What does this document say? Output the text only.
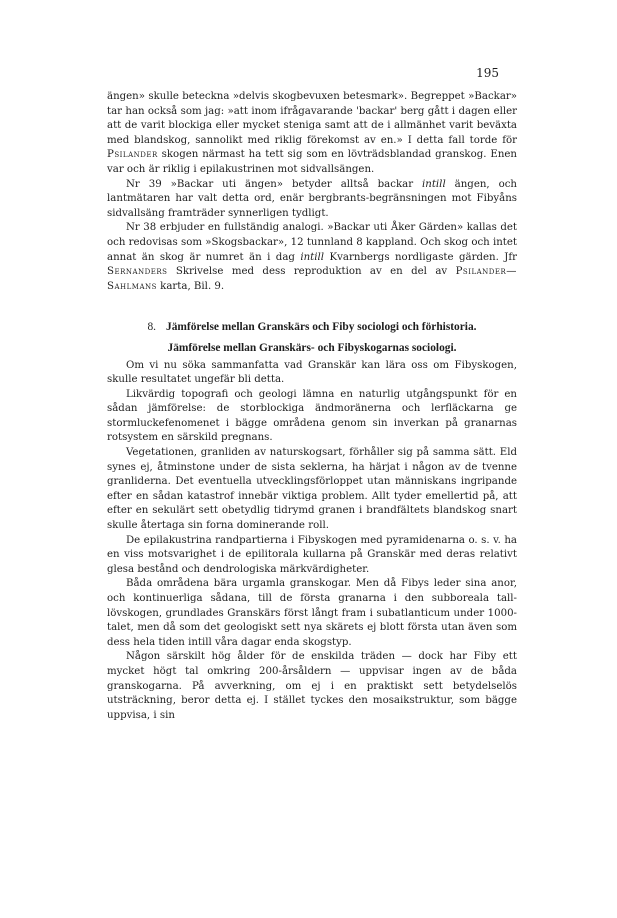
195

ängen» skulle beteckna »delvis skogbevuxen betesmark». Begreppet »Backar» tar han också som jag: »att inom ifrågavarande 'backar' berg gått i dagen eller att de varit blockiga eller mycket steniga samt att de i allmänhet varit beväxta med blandskog, sannolikt med riklig förekomst av en.» I detta fall torde för Psilander skogen närmast ha tett sig som en lövträdsblandad granskog. Enen var och är riklig i epilakustrinen mot sidvallsängen.

Nr 39 »Backar uti ängen» betyder alltså backar intill ängen, och lantmätaren har valt detta ord, enär bergbrants-begränsningen mot Fibyåns sidvallsäng framträder synnerligen tydligt.

Nr 38 erbjuder en fullständig analogi. »Backar uti Åker Gärden» kallas det och redovisas som »Skogsbackar», 12 tunnland 8 kappland. Och skog och intet annat än skog är numret än i dag intill Kvarnbergs nordligaste gärden. Jfr Sernanders Skrivelse med dess reproduktion av en del av Psilander—Sahlmans karta, Bil. 9.

8. Jämförelse mellan Granskärs och Fiby sociologi och förhistoria.
Jämförelse mellan Granskärs- och Fibyskogarnas sociologi.

Om vi nu söka sammanfatta vad Granskär kan lära oss om Fibyskogen, skulle resultatet ungefär bli detta.

Likvärdig topografi och geologi lämna en naturlig utgångspunkt för en sådan jämförelse: de storblockiga ändmoränerna och lerfläckarna ge stormluckefenomenet i bägge områdena genom sin inverkan på granarnas rotsystem en särskild pregnans.

Vegetationen, granliden av naturskogsart, förhåller sig på samma sätt. Eld synes ej, åtminstone under de sista seklerna, ha härjat i någon av de tvenne granliderna. Det eventuella utvecklingsförloppet utan människans ingripande efter en sådan katastrof innebär viktiga problem. Allt tyder emellertid på, att efter en sekulärt sett obetydlig tidrymd granen i brandfältets blandskog snart skulle återtaga sin forna dominerande roll.

De epilakustrina randpartierna i Fibyskogen med pyramidenarna o. s. v. ha en viss motsvarighet i de epilitorala kullarna på Granskär med deras relativt glesa bestånd och dendrologiska märkvärdigheter.

Båda områdena bära urgamla granskogar. Men då Fibys leder sina anor, och kontinuerliga sådana, till de första granarna i den subboreala tall-lövskogen, grundlades Granskärs först långt fram i subatlanticum under 1000-talet, men då som det geologiskt sett nya skärets ej blott första utan även som dess hela tiden intill våra dagar enda skogstyp.

Någon särskilt hög ålder för de enskilda träden — dock har Fiby ett mycket högt tal omkring 200-årsåldern — uppvisar ingen av de båda granskogarna. På avverkning, om ej i en praktiskt sett betydelselös utsträckning, beror detta ej. I stället tyckes den mosaikstruktur, som bägge uppvisa, i sin
